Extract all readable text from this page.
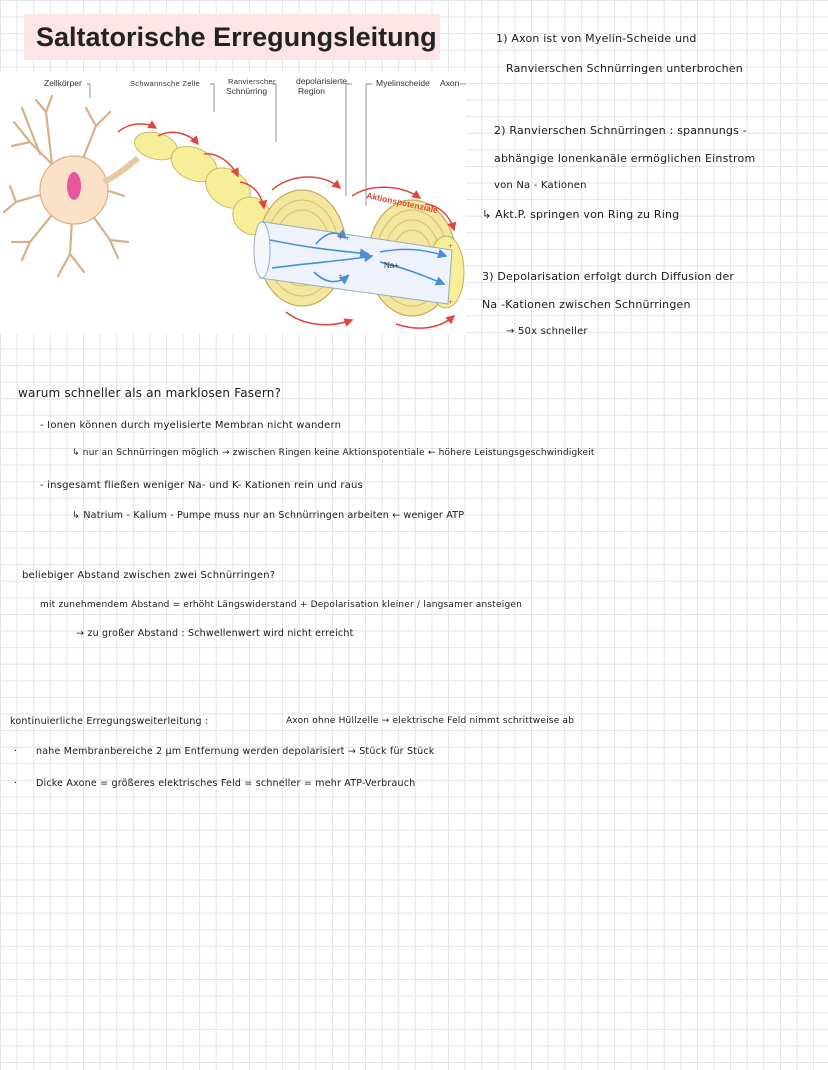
Saltatorische Erregungsleitung
Zellkörper	Schwannsche Zelle	Ranvierscher
Schnürring
depolarisierte
Region
Myelinscheide Axon
Na+
Aktionspotenziale
+ +
+ +
+
+
1) Axon ist von Myelin-Scheide und
Ranvierschen Schnürringen unterbrochen
2) Ranvierschen Schnürringen : spannungs -
abhängige Ionenkanäle ermöglichen Einstrom
von Na - Kationen
↳ Akt.P. springen von Ring zu Ring
3) Depolarisation erfolgt durch Diffusion der
Na -Kationen zwischen Schnürringen
→ 50x schneller
warum schneller als an marklosen Fasern?
- Ionen können durch myelisierte Membran nicht wandern
↳ nur an Schnürringen möglich → zwischen Ringen keine Aktionspotentiale ← höhere Leistungsgeschwindigkeit
- insgesamt fließen weniger Na- und K- Kationen rein und raus
↳ Natrium - Kalium - Pumpe muss nur an Schnürringen arbeiten ← weniger ATP
beliebiger Abstand zwischen zwei Schnürringen?
mit zunehmendem Abstand = erhöht Längswiderstand + Depolarisation kleiner / langsamer ansteigen
→ zu großer Abstand : Schwellenwert wird nicht erreicht
kontinuierliche Erregungsweiterleitung :	Axon ohne Hüllzelle → elektrische Feld nimmt schrittweise ab
· nahe Membranbereiche 2 µm Entfernung werden depolarisiert → Stück für Stück
· Dicke Axone = größeres elektrisches Feld = schneller = mehr ATP-Verbrauch
